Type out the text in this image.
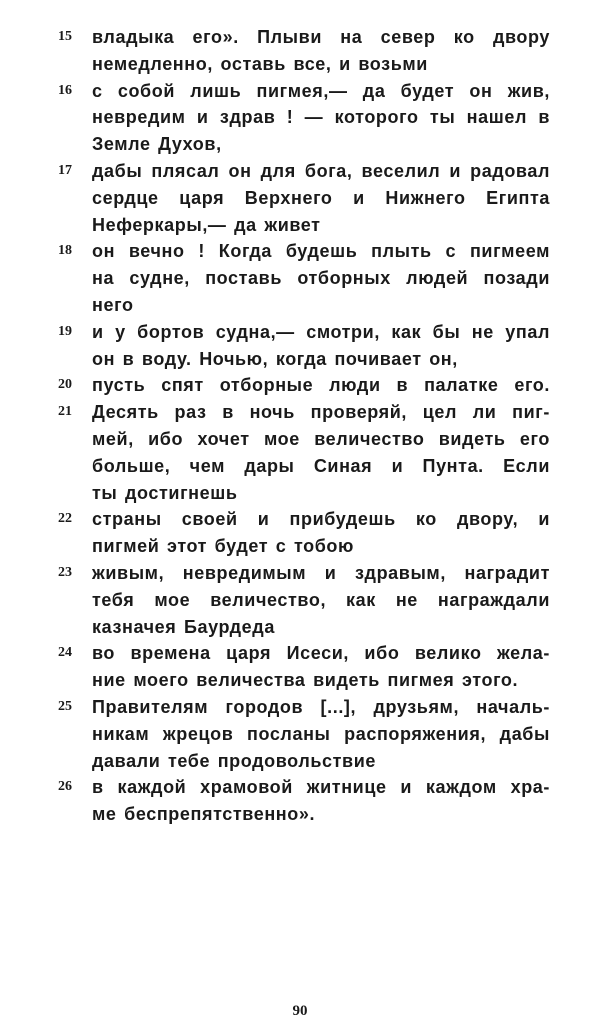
15 владыка его». Плыви на север ко двору
немедленно, оставь все, и возьми
16 с собой лишь пигмея,— да будет он жив,
невредим и здрав ! — которого ты нашел в
Земле Духов,
17 дабы плясал он для бога, веселил и радовал
сердце царя Верхнего и Нижнего Египта
Неферкары,— да живет
18 он вечно ! Когда будешь плыть с пигмеем
на судне, поставь отборных людей позади
него
19 и у бортов судна,— смотри, как бы не упал
он в воду. Ночью, когда почивает он,
20 пусть спят отборные люди в палатке его.
21 Десять раз в ночь проверяй, цел ли пиг-
мей, ибо хочет мое величество видеть его
больше, чем дары Синая и Пунта. Если
ты достигнешь
22 страны своей и прибудешь ко двору, и
пигмей этот будет с тобою
23 живым, невредимым и здравым, наградит
тебя мое величество, как не награждали
казначея Баурдеда
24 во времена царя Исеси, ибо велико жела-
ние моего величества видеть пигмея этого.
25 Правителям городов [...], друзьям, началь-
никам жрецов посланы распоряжения, дабы
давали тебе продовольствие
26 в каждой храмовой житнице и каждом хра-
ме беспрепятственно».
90
